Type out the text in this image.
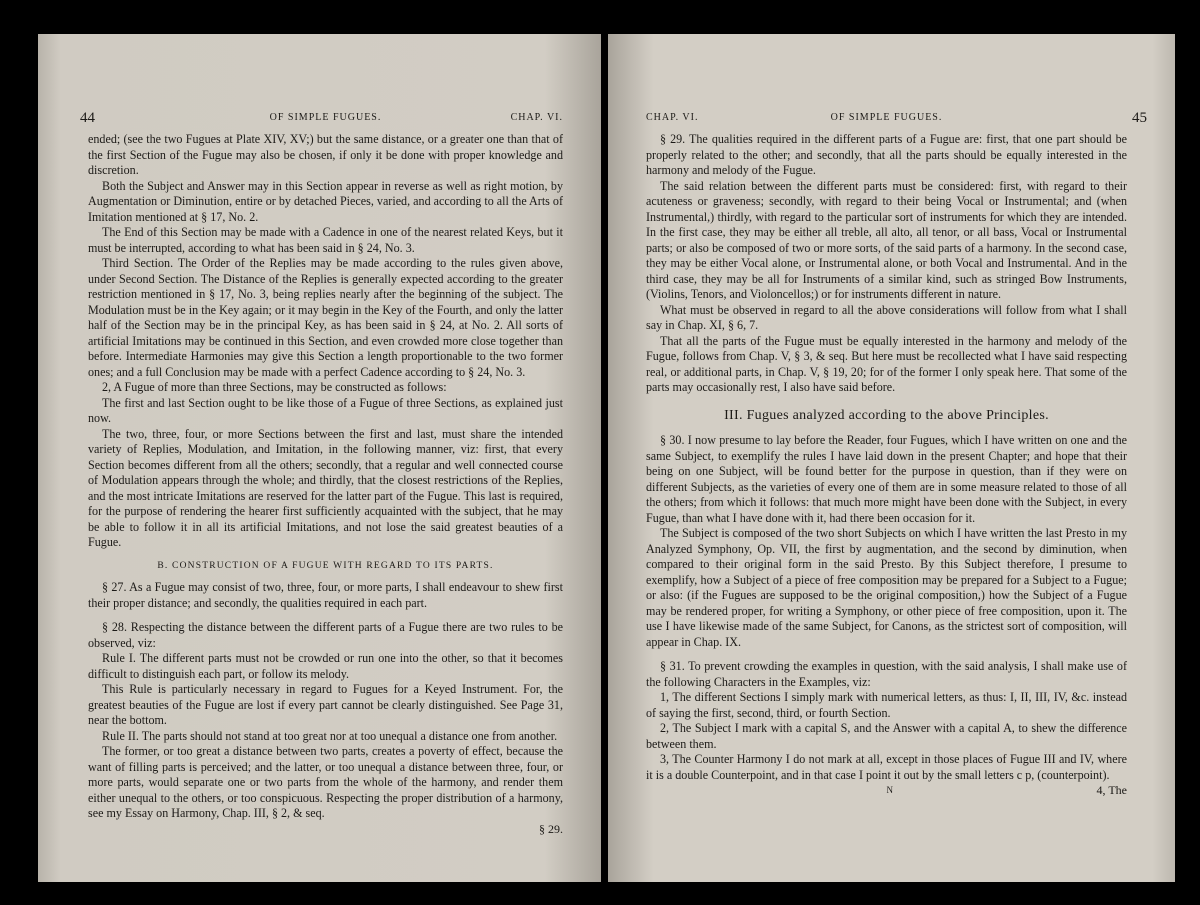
44	OF SIMPLE FUGUES.	CHAP. VI.

ended; (see the two Fugues at Plate XIV, XV;) but the same distance, or a greater one than that of the first Section of the Fugue may also be chosen, if only it be done with proper knowledge and discretion.

Both the Subject and Answer may in this Section appear in reverse as well as right motion, by Augmentation or Diminution, entire or by detached Pieces, varied, and according to all the Arts of Imitation mentioned at § 17, No. 2.

The End of this Section may be made with a Cadence in one of the nearest related Keys, but it must be interrupted, according to what has been said in § 24, No. 3.

Third Section. The Order of the Replies may be made according to the rules given above, under Second Section. The Distance of the Replies is generally expected according to the greater restriction mentioned in § 17, No. 3, being replies nearly after the beginning of the subject. The Modulation must be in the Key again; or it may begin in the Key of the Fourth, and only the latter half of the Section may be in the principal Key, as has been said in § 24, at No. 2. All sorts of artificial Imitations may be continued in this Section, and even crowded more close together than before. Intermediate Harmonies may give this Section a length proportionable to the two former ones; and a full Conclusion may be made with a perfect Cadence according to § 24, No. 3.

2, A Fugue of more than three Sections, may be constructed as follows:

The first and last Section ought to be like those of a Fugue of three Sections, as explained just now.

The two, three, four, or more Sections between the first and last, must share the intended variety of Replies, Modulation, and Imitation, in the following manner, viz: first, that every Section becomes different from all the others; secondly, that a regular and well connected course of Modulation appears through the whole; and thirdly, that the closest restrictions of the Replies, and the most intricate Imitations are reserved for the latter part of the Fugue. This last is required, for the purpose of rendering the hearer first sufficiently acquainted with the subject, that he may be able to follow it in all its artificial Imitations, and not lose the said greatest beauties of a Fugue.

B. CONSTRUCTION OF A FUGUE WITH REGARD TO ITS PARTS.

§ 27. As a Fugue may consist of two, three, four, or more parts, I shall endeavour to shew first their proper distance; and secondly, the qualities required in each part.

§ 28. Respecting the distance between the different parts of a Fugue there are two rules to be observed, viz:

Rule I. The different parts must not be crowded or run one into the other, so that it becomes difficult to distinguish each part, or follow its melody.

This Rule is particularly necessary in regard to Fugues for a Keyed Instrument. For, the greatest beauties of the Fugue are lost if every part cannot be clearly distinguished. See Page 31, near the bottom.

Rule II. The parts should not stand at too great nor at too unequal a distance one from another.

The former, or too great a distance between two parts, creates a poverty of effect, because the want of filling parts is perceived; and the latter, or too unequal a distance between three, four, or more parts, would separate one or two parts from the whole of the harmony, and render them either unequal to the others, or too conspicuous. Respecting the proper distribution of a harmony, see my Essay on Harmony, Chap. III, § 2, & seq.

§ 29.
CHAP. VI.	OF SIMPLE FUGUES.	45

§ 29. The qualities required in the different parts of a Fugue are: first, that one part should be properly related to the other; and secondly, that all the parts should be equally interested in the harmony and melody of the Fugue.

The said relation between the different parts must be considered: first, with regard to their acuteness or graveness; secondly, with regard to their being Vocal or Instrumental; and (when Instrumental,) thirdly, with regard to the particular sort of instruments for which they are intended. In the first case, they may be either all treble, all alto, all tenor, or all bass, Vocal or Instrumental parts; or also be composed of two or more sorts, of the said parts of a harmony. In the second case, they may be either Vocal alone, or Instrumental alone, or both Vocal and Instrumental. And in the third case, they may be all for Instruments of a similar kind, such as stringed Bow Instruments, (Violins, Tenors, and Violoncellos;) or for instruments different in nature.

What must be observed in regard to all the above considerations will follow from what I shall say in Chap. XI, § 6, 7.

That all the parts of the Fugue must be equally interested in the harmony and melody of the Fugue, follows from Chap. V, § 3, & seq. But here must be recollected what I have said respecting real, or additional parts, in Chap. V, § 19, 20; for of the former I only speak here. That some of the parts may occasionally rest, I also have said before.

III. Fugues analyzed according to the above Principles.

§ 30. I now presume to lay before the Reader, four Fugues, which I have written on one and the same Subject, to exemplify the rules I have laid down in the present Chapter; and hope that their being on one Subject, will be found better for the purpose in question, than if they were on different Subjects, as the varieties of every one of them are in some measure related to those of all the others; from which it follows: that much more might have been done with the Subject, in every Fugue, than what I have done with it, had there been occasion for it.

The Subject is composed of the two short Subjects on which I have written the last Presto in my Analyzed Symphony, Op. VII, the first by augmentation, and the second by diminution, when compared to their original form in the said Presto. By this Subject therefore, I presume to exemplify, how a Subject of a piece of free composition may be prepared for a Subject to a Fugue; or also: (if the Fugues are supposed to be the original composition,) how the Subject of a Fugue may be rendered proper, for writing a Symphony, or other piece of free composition, upon it. The use I have likewise made of the same Subject, for Canons, as the strictest sort of composition, will appear in Chap. IX.

§ 31. To prevent crowding the examples in question, with the said analysis, I shall make use of the following Characters in the Examples, viz:

1, The different Sections I simply mark with numerical letters, as thus: I, II, III, IV, &c. instead of saying the first, second, third, or fourth Section.

2, The Subject I mark with a capital S, and the Answer with a capital A, to shew the difference between them.

3, The Counter Harmony I do not mark at all, except in those places of Fugue III and IV, where it is a double Counterpoint, and in that case I point it out by the small letters c p, (counterpoint).

N	4, The
